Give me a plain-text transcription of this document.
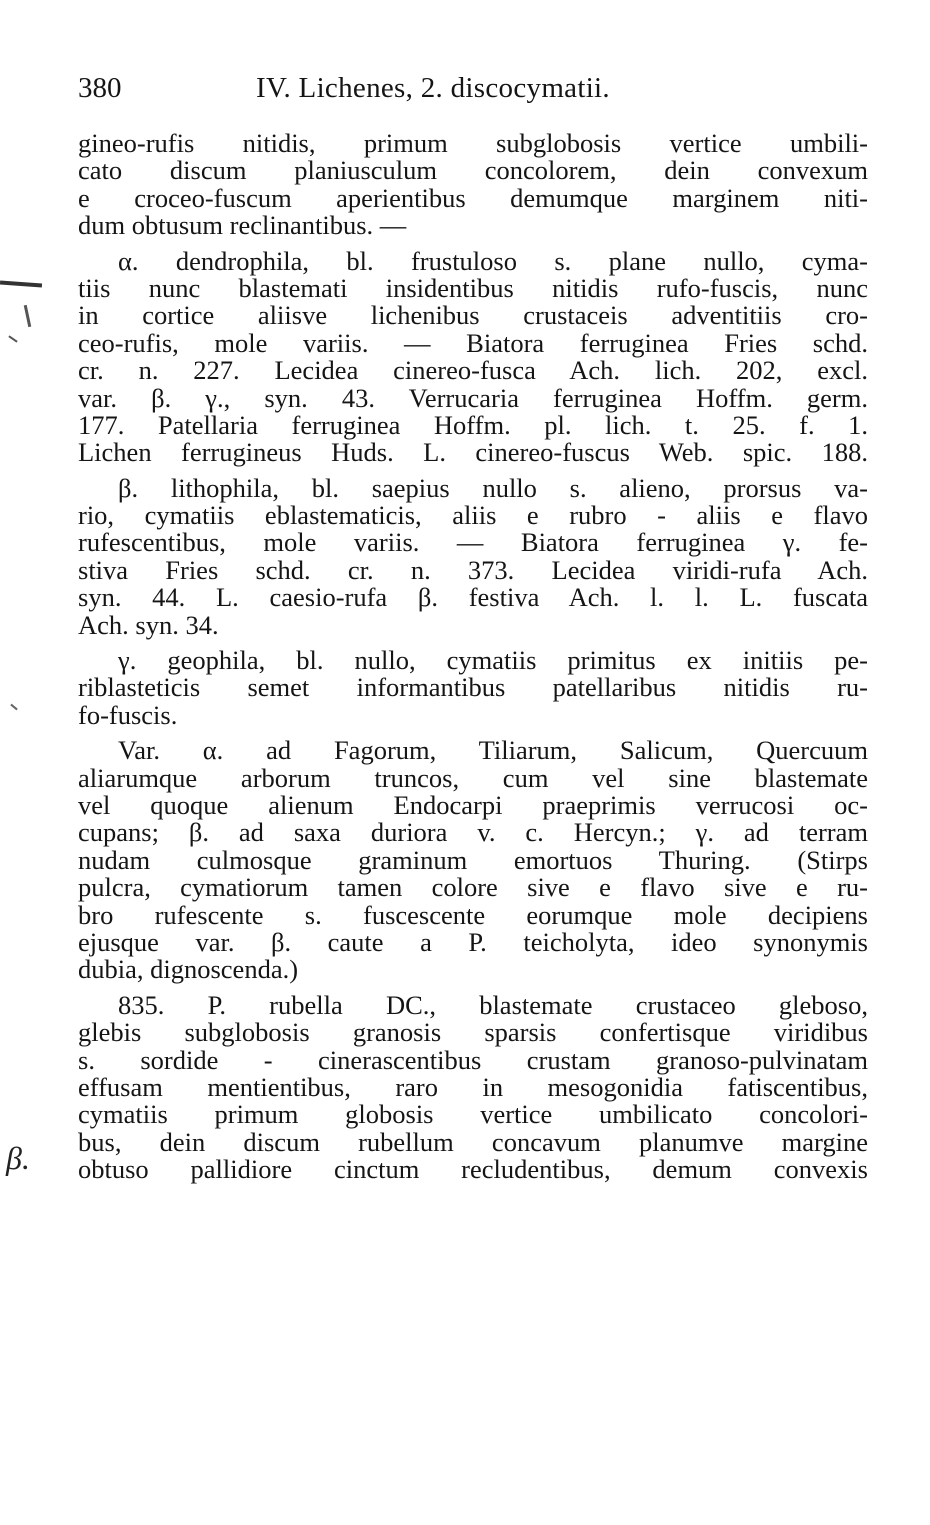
380	IV. Lichenes, 2. discocymatii.
β.
gineo-rufis nitidis, primum subglobosis vertice umbili-
cato discum planiusculum concolorem, dein convexum
e croceo-fuscum aperientibus demumque marginem niti-
dum obtusum reclinantibus. —
α. dendrophila, bl. frustuloso s. plane nullo, cyma-
tiis nunc blastemati insidentibus nitidis rufo-fuscis, nunc
in cortice aliisve lichenibus crustaceis adventitiis cro-
ceo-rufis, mole variis. — Biatora ferruginea Fries schd.
cr. n. 227. Lecidea cinereo-fusca Ach. lich. 202, excl.
var. β. γ., syn. 43. Verrucaria ferruginea Hoffm. germ.
177. Patellaria ferruginea Hoffm. pl. lich. t. 25. f. 1.
Lichen ferrugineus Huds. L. cinereo-fuscus Web. spic. 188.
β. lithophila, bl. saepius nullo s. alieno, prorsus va-
rio, cymatiis eblastematicis, aliis e rubro - aliis e flavo
rufescentibus, mole variis. — Biatora ferruginea γ. fe-
stiva Fries schd. cr. n. 373. Lecidea viridi-rufa Ach.
syn. 44. L. caesio-rufa β. festiva Ach. l. l. L. fuscata
Ach. syn. 34.
γ. geophila, bl. nullo, cymatiis primitus ex initiis pe-
riblasteticis semet informantibus patellaribus nitidis ru-
fo-fuscis.
Var. α. ad Fagorum, Tiliarum, Salicum, Quercuum
aliarumque arborum truncos, cum vel sine blastemate
vel quoque alienum Endocarpi praeprimis verrucosi oc-
cupans; β. ad saxa duriora v. c. Hercyn.; γ. ad terram
nudam culmosque graminum emortuos Thuring. (Stirps
pulcra, cymatiorum tamen colore sive e flavo sive e ru-
bro rufescente s. fuscescente eorumque mole decipiens
ejusque var. β. caute a P. teicholyta, ideo synonymis
dubia, dignoscenda.)
835. P. rubella DC., blastemate crustaceo gleboso,
glebis subglobosis granosis sparsis confertisque viridibus
s. sordide - cinerascentibus crustam granoso-pulvinatam
effusam mentientibus, raro in mesogonidia fatiscentibus,
cymatiis primum globosis vertice umbilicato concolori-
bus, dein discum rubellum concavum planumve margine
obtuso pallidiore cinctum recludentibus, demum convexis
